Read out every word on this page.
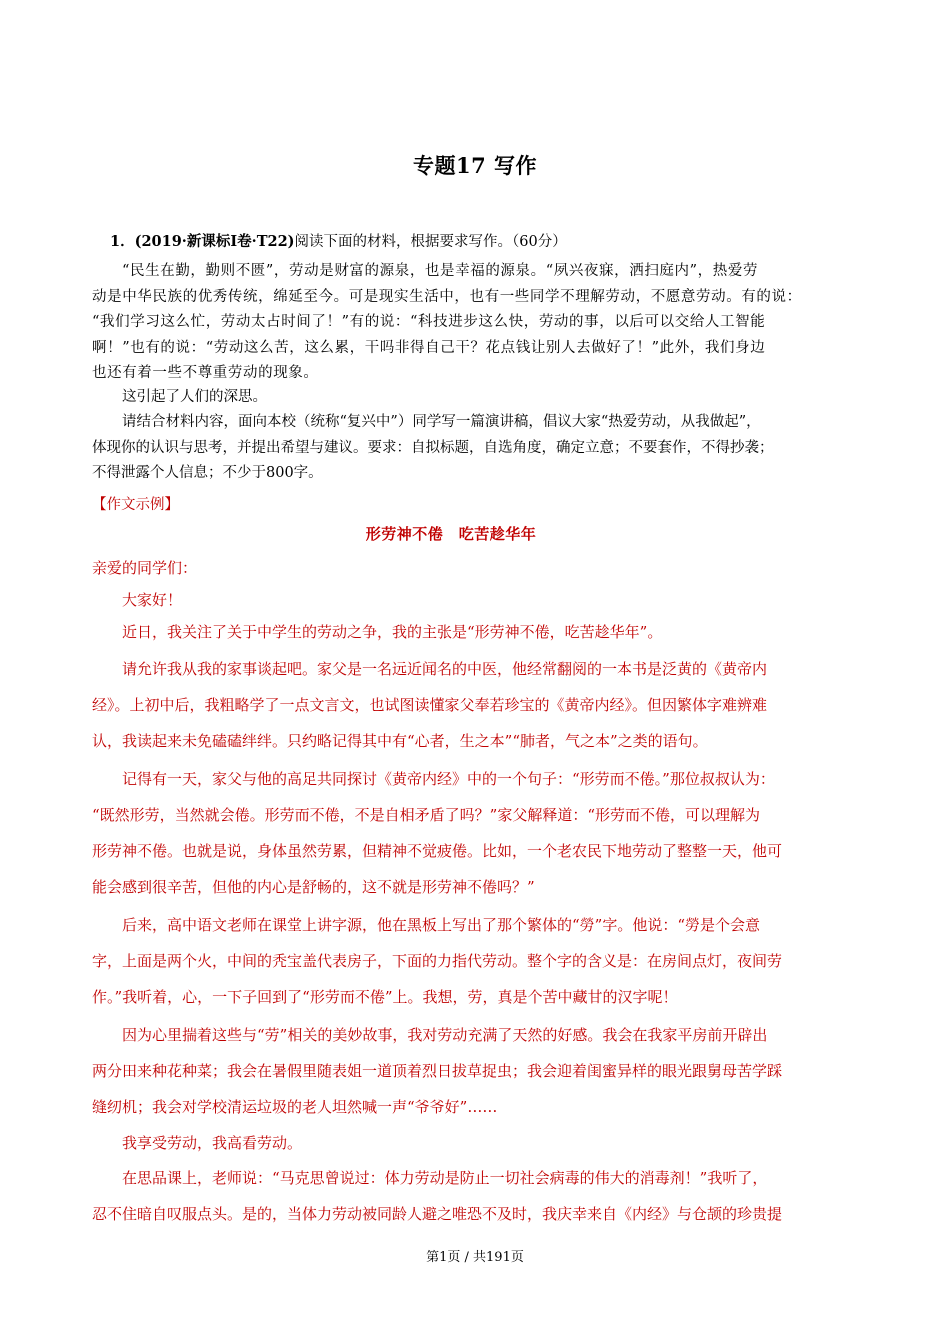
专题17 写作
1．(2019·新课标Ⅰ卷·T22)阅读下面的材料，根据要求写作。（60分）
“民生在勤，勤则不匮”，劳动是财富的源泉，也是幸福的源泉。“夙兴夜寐，洒扫庭内”，热爱劳
动是中华民族的优秀传统，绵延至今。可是现实生活中，也有一些同学不理解劳动，不愿意劳动。有的说：
“我们学习这么忙，劳动太占时间了！”有的说：“科技进步这么快，劳动的事，以后可以交给人工智能
啊！”也有的说：“劳动这么苦，这么累，干吗非得自己干？花点钱让别人去做好了！”此外，我们身边
也还有着一些不尊重劳动的现象。
这引起了人们的深思。
请结合材料内容，面向本校（统称“复兴中”）同学写一篇演讲稿，倡议大家“热爱劳动，从我做起”，
体现你的认识与思考，并提出希望与建议。要求：自拟标题，自选角度，确定立意；不要套作，不得抄袭；
不得泄露个人信息；不少于800字。
【作文示例】
形劳神不倦　吃苦趁华年
亲爱的同学们：
大家好！
近日，我关注了关于中学生的劳动之争，我的主张是“形劳神不倦，吃苦趁华年”。
请允许我从我的家事谈起吧。家父是一名远近闻名的中医，他经常翻阅的一本书是泛黄的《黄帝内
经》。上初中后，我粗略学了一点文言文，也试图读懂家父奉若珍宝的《黄帝内经》。但因繁体字难辨难
认，我读起来未免磕磕绊绊。只约略记得其中有“心者，生之本”“肺者，气之本”之类的语句。
记得有一天，家父与他的高足共同探讨《黄帝内经》中的一个句子：“形劳而不倦。”那位叔叔认为：
“既然形劳，当然就会倦。形劳而不倦，不是自相矛盾了吗？”家父解释道：“形劳而不倦，可以理解为
形劳神不倦。也就是说，身体虽然劳累，但精神不觉疲倦。比如，一个老农民下地劳动了整整一天，他可
能会感到很辛苦，但他的内心是舒畅的，这不就是形劳神不倦吗？”
后来，高中语文老师在课堂上讲字源，他在黑板上写出了那个繁体的“勞”字。他说：“勞是个会意
字，上面是两个火，中间的秃宝盖代表房子，下面的力指代劳动。整个字的含义是：在房间点灯，夜间劳
作。”我听着，心，一下子回到了“形劳而不倦”上。我想，劳，真是个苦中藏甘的汉字呢！
因为心里揣着这些与“劳”相关的美妙故事，我对劳动充满了天然的好感。我会在我家平房前开辟出
两分田来种花种菜；我会在暑假里随表姐一道顶着烈日拔草捉虫；我会迎着闺蜜异样的眼光跟舅母苦学踩
缝纫机；我会对学校清运垃圾的老人坦然喊一声“爷爷好”……
我享受劳动，我高看劳动。
在思品课上，老师说：“马克思曾说过：体力劳动是防止一切社会病毒的伟大的消毒剂！”我听了，
忍不住暗自叹服点头。是的，当体力劳动被同龄人避之唯恐不及时，我庆幸来自《内经》与仓颉的珍贵提
第1页 / 共191页
